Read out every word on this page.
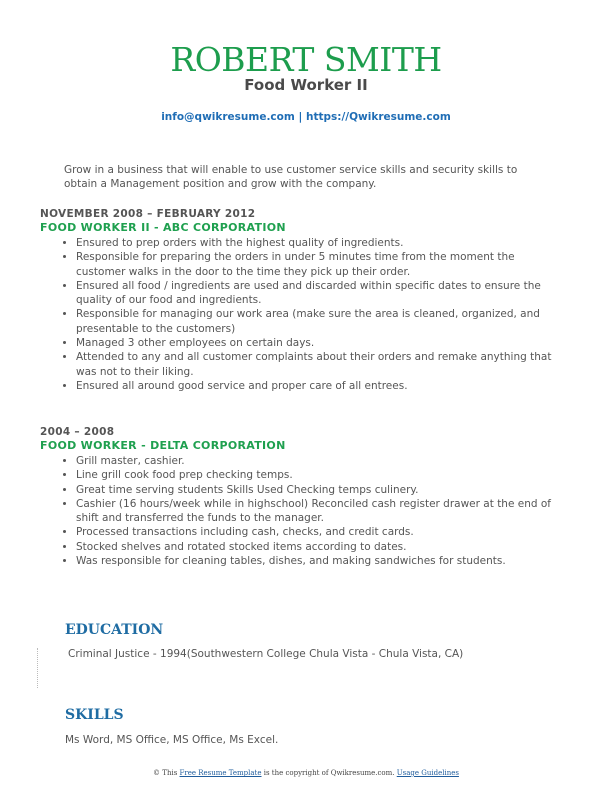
ROBERT SMITH
Food Worker II
info@qwikresume.com | https://Qwikresume.com
Grow in a business that will enable to use customer service skills and security skills to obtain a Management position and grow with the company.
NOVEMBER 2008 – FEBRUARY 2012
FOOD WORKER II - ABC CORPORATION
• Ensured to prep orders with the highest quality of ingredients.
• Responsible for preparing the orders in under 5 minutes time from the moment the customer walks in the door to the time they pick up their order.
• Ensured all food / ingredients are used and discarded within specific dates to ensure the quality of our food and ingredients.
• Responsible for managing our work area (make sure the area is cleaned, organized, and presentable to the customers)
• Managed 3 other employees on certain days.
• Attended to any and all customer complaints about their orders and remake anything that was not to their liking.
• Ensured all around good service and proper care of all entrees.
2004 – 2008
FOOD WORKER - DELTA CORPORATION
• Grill master, cashier.
• Line grill cook food prep checking temps.
• Great time serving students Skills Used Checking temps culinery.
• Cashier (16 hours/week while in highschool) Reconciled cash register drawer at the end of shift and transferred the funds to the manager.
• Processed transactions including cash, checks, and credit cards.
• Stocked shelves and rotated stocked items according to dates.
• Was responsible for cleaning tables, dishes, and making sandwiches for students.
EDUCATION
Criminal Justice - 1994(Southwestern College Chula Vista - Chula Vista, CA)
SKILLS
Ms Word, MS Office, MS Office, Ms Excel.
© This Free Resume Template is the copyright of Qwikresume.com. Usage Guidelines
